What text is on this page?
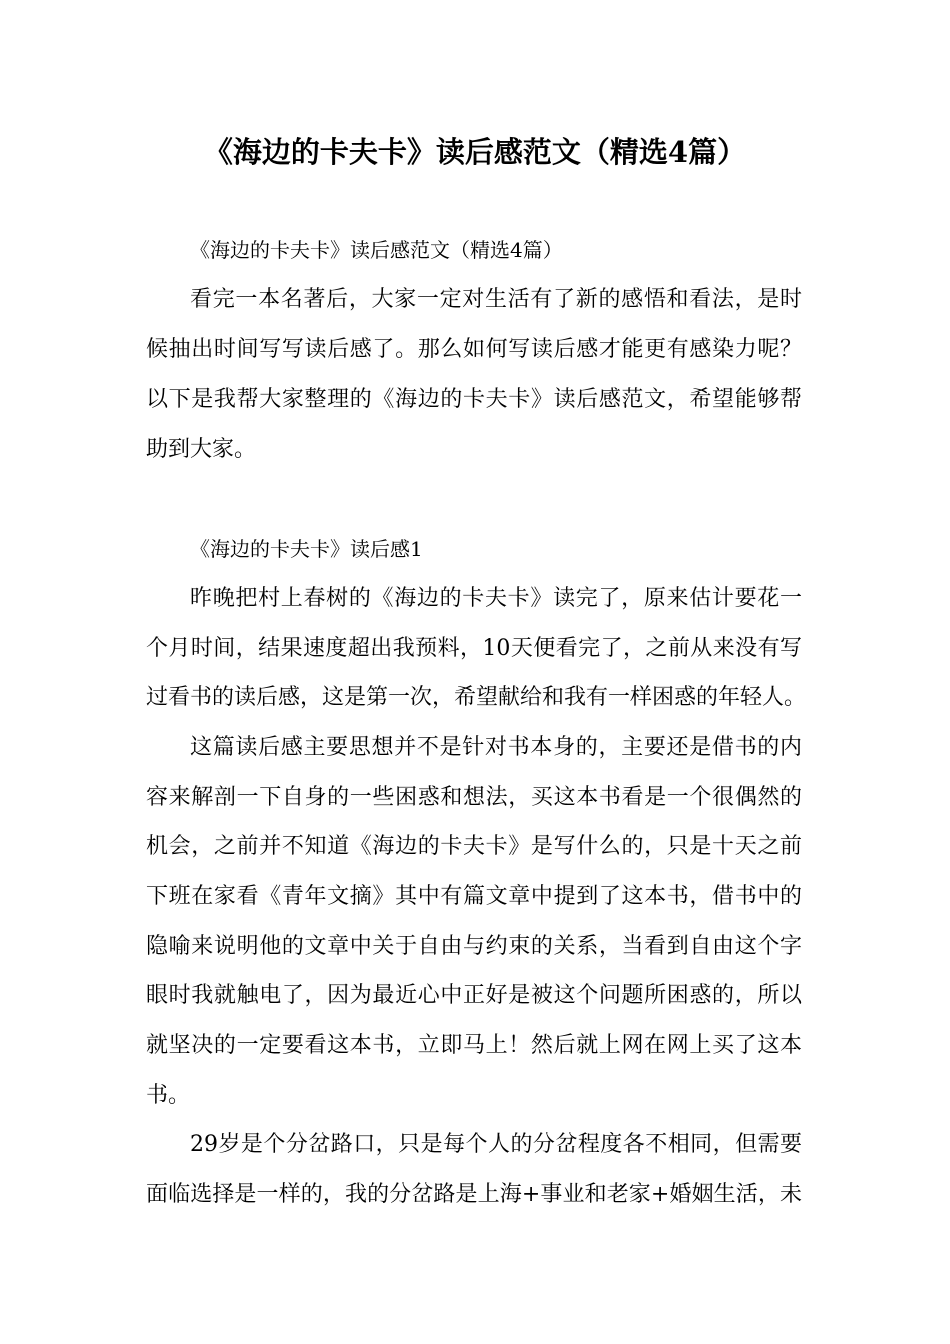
《海边的卡夫卡》读后感范文（精选4篇）
《海边的卡夫卡》读后感范文（精选4篇）
看完一本名著后，大家一定对生活有了新的感悟和看法，是时
候抽出时间写写读后感了。那么如何写读后感才能更有感染力呢？
以下是我帮大家整理的《海边的卡夫卡》读后感范文，希望能够帮
助到大家。
《海边的卡夫卡》读后感1
昨晚把村上春树的《海边的卡夫卡》读完了，原来估计要花一
个月时间，结果速度超出我预料，10天便看完了，之前从来没有写
过看书的读后感，这是第一次，希望献给和我有一样困惑的年轻人。
这篇读后感主要思想并不是针对书本身的，主要还是借书的内
容来解剖一下自身的一些困惑和想法，买这本书看是一个很偶然的
机会，之前并不知道《海边的卡夫卡》是写什么的，只是十天之前
下班在家看《青年文摘》其中有篇文章中提到了这本书，借书中的
隐喻来说明他的文章中关于自由与约束的关系，当看到自由这个字
眼时我就触电了，因为最近心中正好是被这个问题所困惑的，所以
就坚决的一定要看这本书，立即马上！然后就上网在网上买了这本
书。
29岁是个分岔路口，只是每个人的分岔程度各不相同，但需要
面临选择是一样的，我的分岔路是上海+事业和老家+婚姻生活，未
